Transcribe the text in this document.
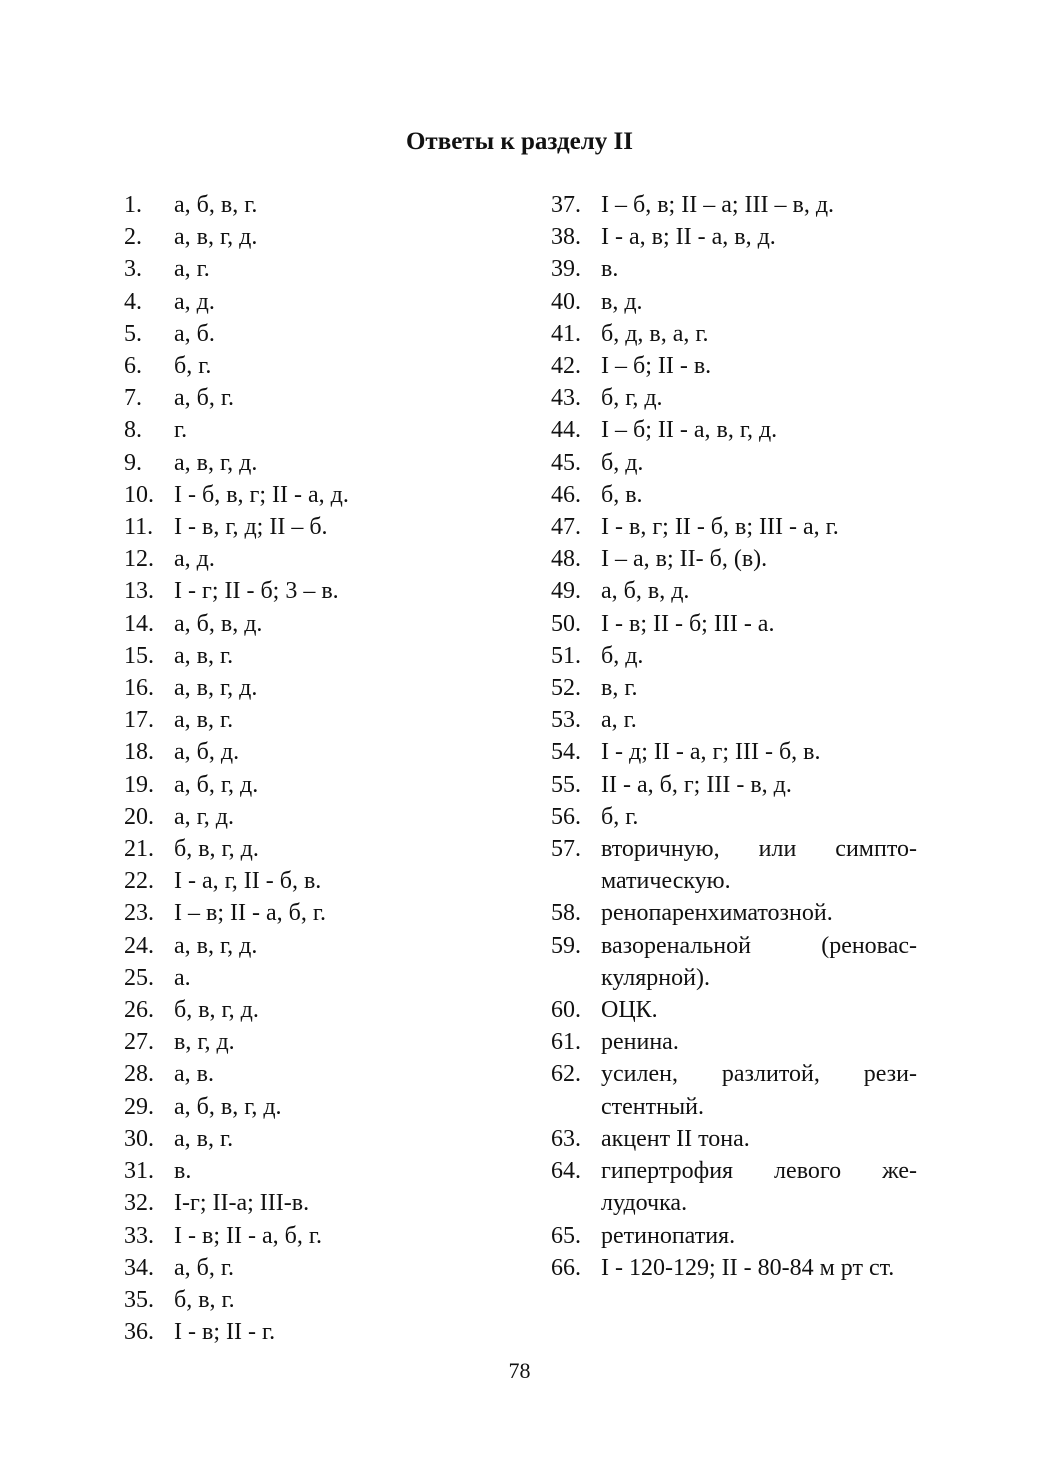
Ответы к разделу II
1.	а, б, в, г.
2.	а, в, г, д.
3.	а, г.
4.	а, д.
5.	а, б.
6.	б, г.
7.	а, б, г.
8.	г.
9.	а, в, г, д.
10. I - б, в, г; II - а, д.
11. I - в, г, д; II – б.
12. а, д.
13. I - г; II - б; 3 – в.
14. а, б, в, д.
15. а, в, г.
16. а, в, г, д.
17. а, в, г.
18. а, б, д.
19. а, б, г, д.
20. а, г, д.
21. б, в, г, д.
22. I - а, г, II - б, в.
23. I – в; II - а, б, г.
24. а, в, г, д.
25. а.
26. б, в, г, д.
27. в, г, д.
28. а, в.
29. а, б, в, г, д.
30. а, в, г.
31. в.
32. I-г; II-а; III-в.
33. I - в; II - а, б, г.
34. а, б, г.
35. б, в, г.
36. I - в; II - г.
37. I – б, в; II – а; III – в, д.
38. I - а, в; II - а, в, д.
39. в.
40. в, д.
41. б, д, в, а, г.
42. I – б; II - в.
43. б, г, д.
44. I – б; II - а, в, г, д.
45. б, д.
46. б, в.
47. I - в, г; II - б, в; III - а, г.
48. I – а, в; II- б, (в).
49. а, б, в, д.
50. I - в; II - б; III - а.
51. б, д.
52. в, г.
53. а, г.
54. I - д; II - а, г; III - б, в.
55. II - а, б, г; III - в, д.
56. б, г.
57. вторичную, или симпто-матическую.
58. ренопаренхиматозной.
59. вазоренальной (реновас-кулярной).
60. ОЦК.
61. ренина.
62. усилен, разлитой, рези-стентный.
63. акцент II тона.
64. гипертрофия левого же-лудочка.
65. ретинопатия.
66. I - 120-129; II - 80-84 м рт ст.
78
